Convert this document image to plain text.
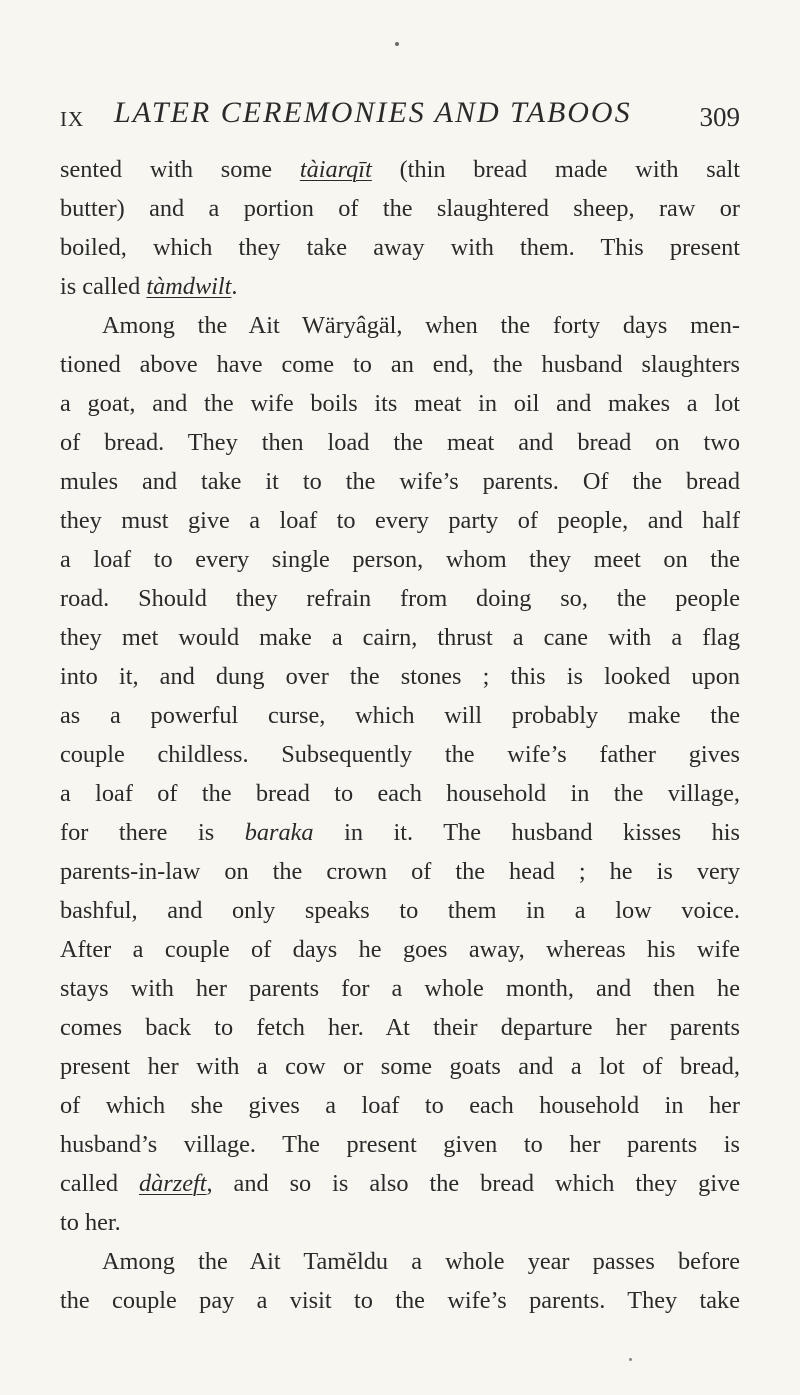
IX LATER CEREMONIES AND TABOOS	309
sented with some tàiarqīt (thin bread made with salt
butter) and a portion of the slaughtered sheep, raw or
boiled, which they take away with them. This present
is called tàmdwilt.
Among the Ait Wäryâgäl, when the forty days men-
tioned above have come to an end, the husband slaughters
a goat, and the wife boils its meat in oil and makes a lot
of bread. They then load the meat and bread on two
mules and take it to the wife’s parents. Of the bread
they must give a loaf to every party of people, and half
a loaf to every single person, whom they meet on the
road. Should they refrain from doing so, the people
they met would make a cairn, thrust a cane with a flag
into it, and dung over the stones ; this is looked upon
as a powerful curse, which will probably make the
couple childless. Subsequently the wife’s father gives
a loaf of the bread to each household in the village,
for there is baraka in it. The husband kisses his
parents-in-law on the crown of the head ; he is very
bashful, and only speaks to them in a low voice.
After a couple of days he goes away, whereas his wife
stays with her parents for a whole month, and then he
comes back to fetch her. At their departure her parents
present her with a cow or some goats and a lot of bread,
of which she gives a loaf to each household in her
husband’s village. The present given to her parents is
called dàrzeft, and so is also the bread which they give
to her.
Among the Ait Tamĕldu a whole year passes before
the couple pay a visit to the wife’s parents. They take
